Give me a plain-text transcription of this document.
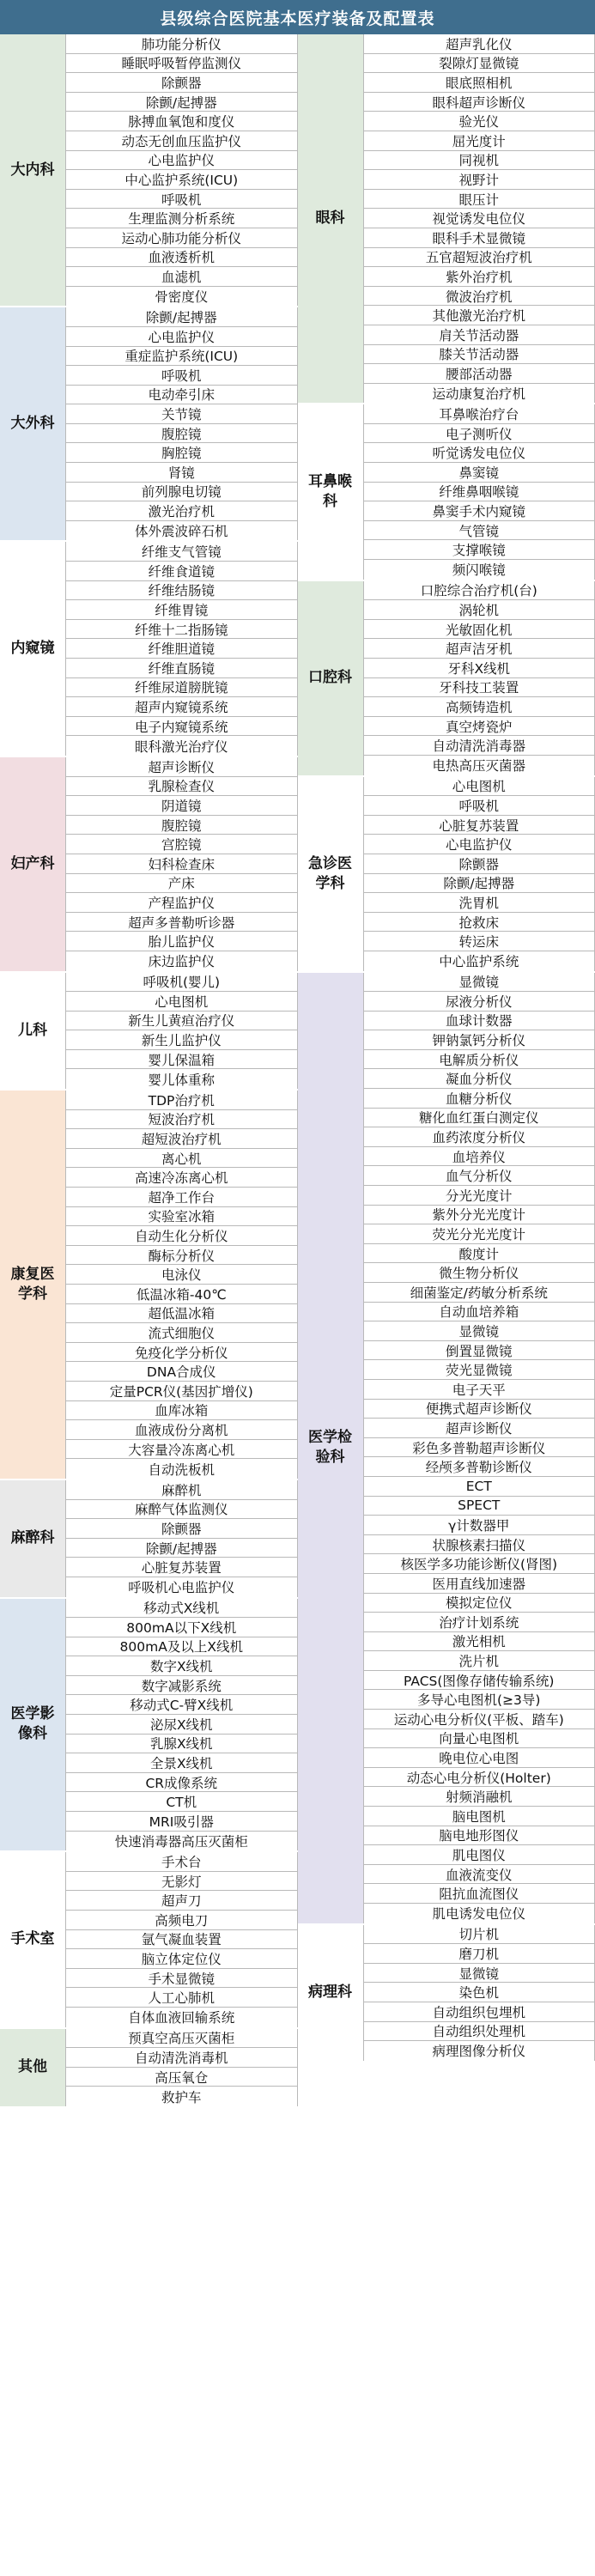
县级综合医院基本医疗装备及配置表
大内科
肺功能分析仪
睡眠呼吸暂停监测仪
除颤器
除颤/起搏器
脉搏血氧饱和度仪
动态无创血压监护仪
心电监护仪
中心监护系统(ICU)
呼吸机
生理监测分析系统
运动心肺功能分析仪
血液透析机
血滤机
骨密度仪
大外科
除颤/起搏器
心电监护仪
重症监护系统(ICU)
呼吸机
电动牵引床
关节镜
腹腔镜
胸腔镜
肾镜
前列腺电切镜
激光治疗机
体外震波碎石机
内窥镜
纤维支气管镜
纤维食道镜
纤维结肠镜
纤维胃镜
纤维十二指肠镜
纤维胆道镜
纤维直肠镜
纤维尿道膀胱镜
超声内窥镜系统
电子内窥镜系统
眼科激光治疗仪
妇产科
超声诊断仪
乳腺检查仪
阴道镜
腹腔镜
宫腔镜
妇科检查床
产床
产程监护仪
超声多普勒听诊器
胎儿监护仪
床边监护仪
儿科
呼吸机(婴儿)
心电图机
新生儿黄疸治疗仪
新生儿监护仪
婴儿保温箱
婴儿体重称
康复医学科
TDP治疗机
短波治疗机
超短波治疗机
离心机
高速冷冻离心机
超净工作台
实验室冰箱
自动生化分析仪
酶标分析仪
电泳仪
低温冰箱-40℃
超低温冰箱
流式细胞仪
免疫化学分析仪
DNA合成仪
定量PCR仪(基因扩增仪)
血库冰箱
血液成份分离机
大容量冷冻离心机
自动洗板机
麻醉科
麻醉机
麻醉气体监测仪
除颤器
除颤/起搏器
心脏复苏装置
呼吸机心电监护仪
医学影像科
移动式X线机
800mA以下X线机
800mA及以上X线机
数字X线机
数字减影系统
移动式C-臂X线机
泌尿X线机
乳腺X线机
全景X线机
CR成像系统
CT机
MRI吸引器
快速消毒器高压灭菌柜
手术室
手术台
无影灯
超声刀
高频电刀
氩气凝血装置
脑立体定位仪
手术显微镜
人工心肺机
自体血液回输系统
其他
预真空高压灭菌柜
自动清洗消毒机
高压氧仓
救护车
眼科
超声乳化仪
裂隙灯显微镜
眼底照相机
眼科超声诊断仪
验光仪
屈光度计
同视机
视野计
眼压计
视觉诱发电位仪
眼科手术显微镜
五官超短波治疗机
紫外治疗机
微波治疗机
其他激光治疗机
肩关节活动器
膝关节活动器
腰部活动器
运动康复治疗机
耳鼻喉科
耳鼻喉治疗台
电子测听仪
听觉诱发电位仪
鼻窦镜
纤维鼻咽喉镜
鼻窦手术内窥镜
气管镜
支撑喉镜
频闪喉镜
口腔科
口腔综合治疗机(台)
涡轮机
光敏固化机
超声洁牙机
牙科X线机
牙科技工装置
高频铸造机
真空烤瓷炉
自动清洗消毒器
电热高压灭菌器
急诊医学科
心电图机
呼吸机
心脏复苏装置
心电监护仪
除颤器
除颤/起搏器
洗胃机
抢救床
转运床
中心监护系统
医学检验科
显微镜
尿液分析仪
血球计数器
钾钠氯钙分析仪
电解质分析仪
凝血分析仪
血糖分析仪
糖化血红蛋白测定仪
血药浓度分析仪
血培养仪
血气分析仪
分光光度计
紫外分光光度计
荧光分光光度计
酸度计
微生物分析仪
细菌鉴定/药敏分析系统
自动血培养箱
显微镜
倒置显微镜
荧光显微镜
电子天平
便携式超声诊断仪
超声诊断仪
彩色多普勒超声诊断仪
经颅多普勒诊断仪
ECT
SPECT
γ计数器甲
状腺核素扫描仪
核医学多功能诊断仪(肾图)
医用直线加速器
模拟定位仪
治疗计划系统
激光相机
洗片机
PACS(图像存储传输系统)
多导心电图机(≥3导)
运动心电分析仪(平板、踏车)
向量心电图机
晚电位心电图
动态心电分析仪(Holter)
射频消融机
脑电图机
脑电地形图仪
肌电图仪
血液流变仪
阻抗血流图仪
肌电诱发电位仪
病理科
切片机
磨刀机
显微镜
染色机
自动组织包埋机
自动组织处理机
病理图像分析仪
